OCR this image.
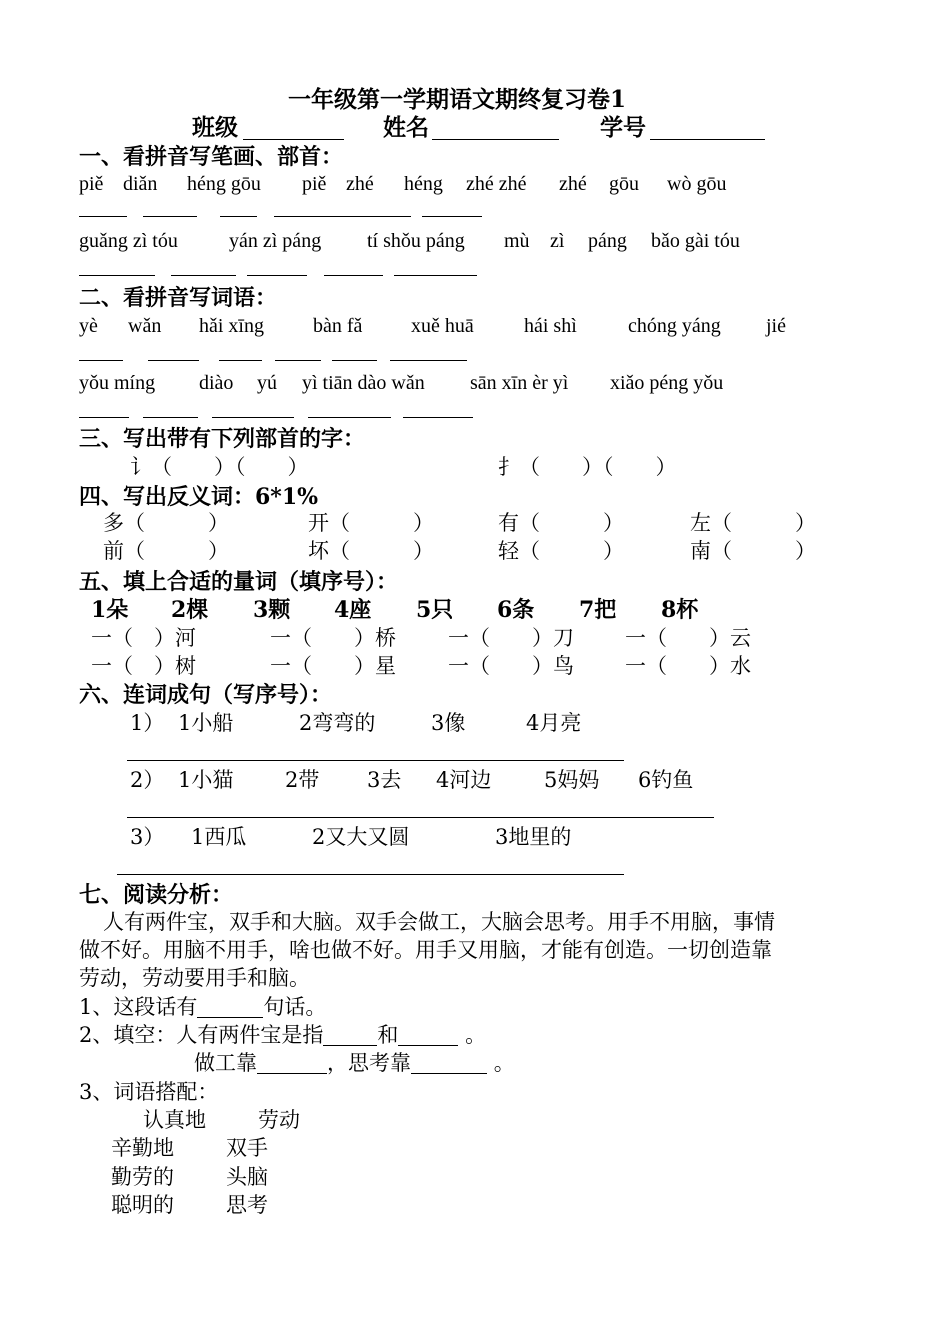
一年级第一学期语文期终复习卷1
班级	姓名	学号
一、看拼音写笔画、部首：
piě diǎn héng gōu piě zhé héng zhé zhé zhé gōu wò gōu
guǎng zì tóu	yán zì páng tí shǒu páng mù zì páng bǎo gài tóu
二、看拼音写词语：
yè wǎn hǎi xīng bàn fǎ xuě huā	hái shì	chóng yáng jié
yǒu míng diào yú yì tiān dào wǎn sān xīn èr yì xiǎo péng yǒu
三、写出带有下列部首的字：
讠（　　）（　　）	扌（　　）（　　）
四、写出反义词：6*1%
多（　　　）	开（　　　）	有（　　　）	左（　　　）
前（　　　）	坏（　　　）	轻（　　　）	南（　　　）
五、填上合适的量词（填序号）：
1朵 2棵 3颗 4座 5只 6条 7把 8杯
一（　）河	一（　　）桥 一（　　）刀 一（　　）云
一（　）树	一（　　）星 一（　　）鸟 一（　　）水
六、连词成句（写序号）：
1） 1小船	2弯弯的	3像	4月亮
2） 1小猫 2带 3去 4河边	5妈妈 6钓鱼
3） 1西瓜	2又大又圆	3地里的
七、阅读分析：
人有两件宝，双手和大脑。双手会做工，大脑会思考。用手不用脑，事情
做不好。用脑不用手，啥也做不好。用手又用脑，才能有创造。一切创造靠
劳动，劳动要用手和脑。
1、这段话有	句话。
2、填空：人有两件宝是指	和	。
做工靠	，思考靠	。
3、词语搭配：
认真地 劳动
辛勤地 双手
勤劳的 头脑
聪明的 思考
